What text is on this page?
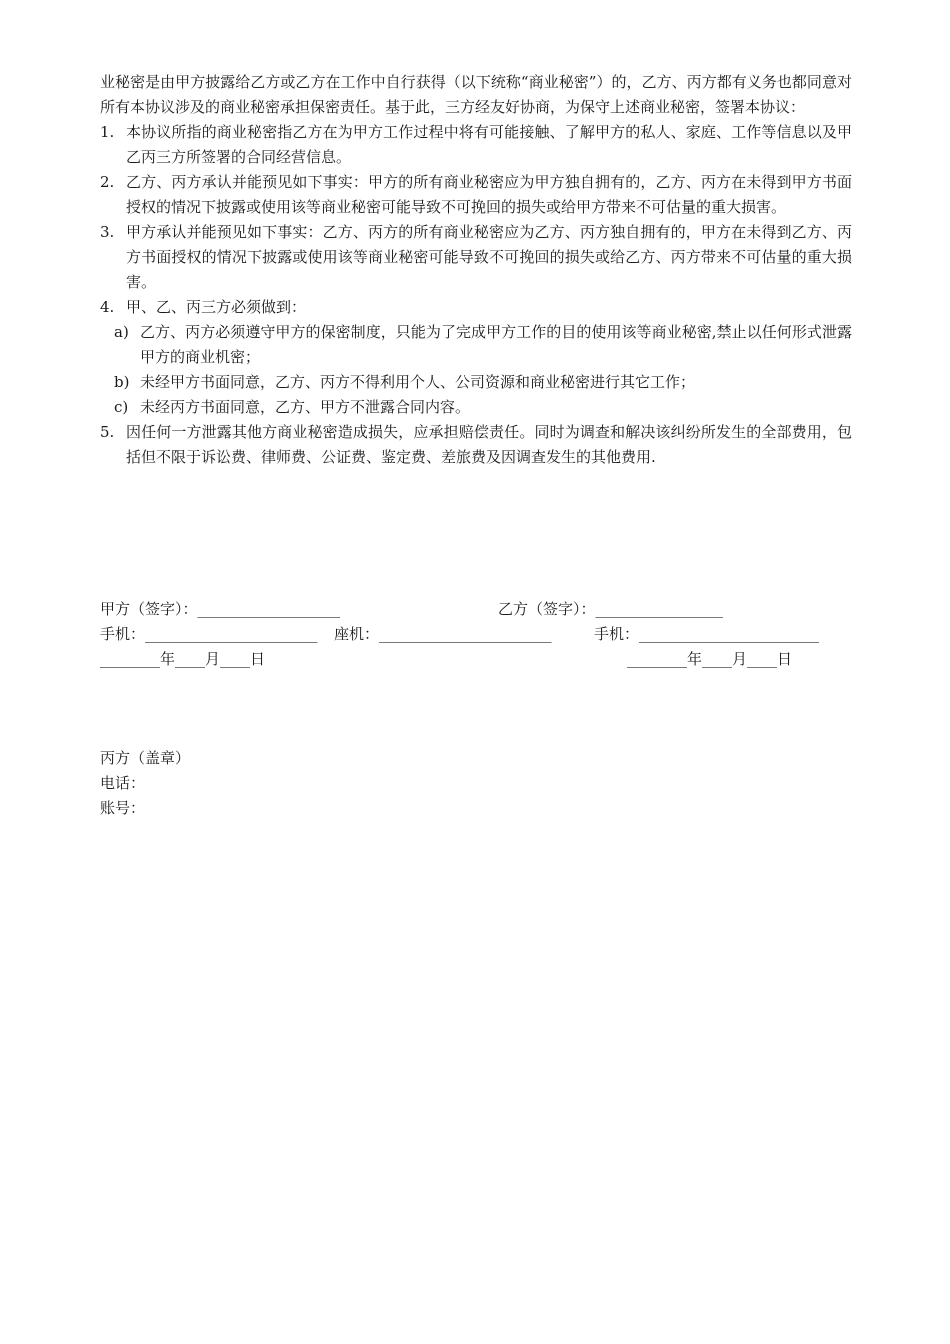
业秘密是由甲方披露给乙方或乙方在工作中自行获得（以下统称“商业秘密”）的，乙方、丙方都有义务也都同意对所有本协议涉及的商业秘密承担保密责任。基于此，三方经友好协商，为保守上述商业秘密，签署本协议：

1. 本协议所指的商业秘密指乙方在为甲方工作过程中将有可能接触、了解甲方的私人、家庭、工作等信息以及甲乙丙三方所签署的合同经营信息。
2. 乙方、丙方承认并能预见如下事实：甲方的所有商业秘密应为甲方独自拥有的，乙方、丙方在未得到甲方书面授权的情况下披露或使用该等商业秘密可能导致不可挽回的损失或给甲方带来不可估量的重大损害。
3. 甲方承认并能预见如下事实：乙方、丙方的所有商业秘密应为乙方、丙方独自拥有的，甲方在未得到乙方、丙方书面授权的情况下披露或使用该等商业秘密可能导致不可挽回的损失或给乙方、丙方带来不可估量的重大损害。
4. 甲、乙、丙三方必须做到：
a) 乙方、丙方必须遵守甲方的保密制度，只能为了完成甲方工作的目的使用该等商业秘密,禁止以任何形式泄露甲方的商业机密；
b) 未经甲方书面同意，乙方、丙方不得利用个人、公司资源和商业秘密进行其它工作；
c) 未经丙方书面同意，乙方、甲方不泄露合同内容。
5. 因任何一方泄露其他方商业秘密造成损失，应承担赔偿责任。同时为调查和解决该纠纷所发生的全部费用，包括但不限于诉讼费、律师费、公证费、鉴定费、差旅费及因调查发生的其他费用.
甲方（签字）：___________________	乙方（签字）：_________________
手机：_______________________ 座机：_______________________	手机：________________________
________年____月____日	________年____月____日
丙方（盖章）
电话：
账号：
